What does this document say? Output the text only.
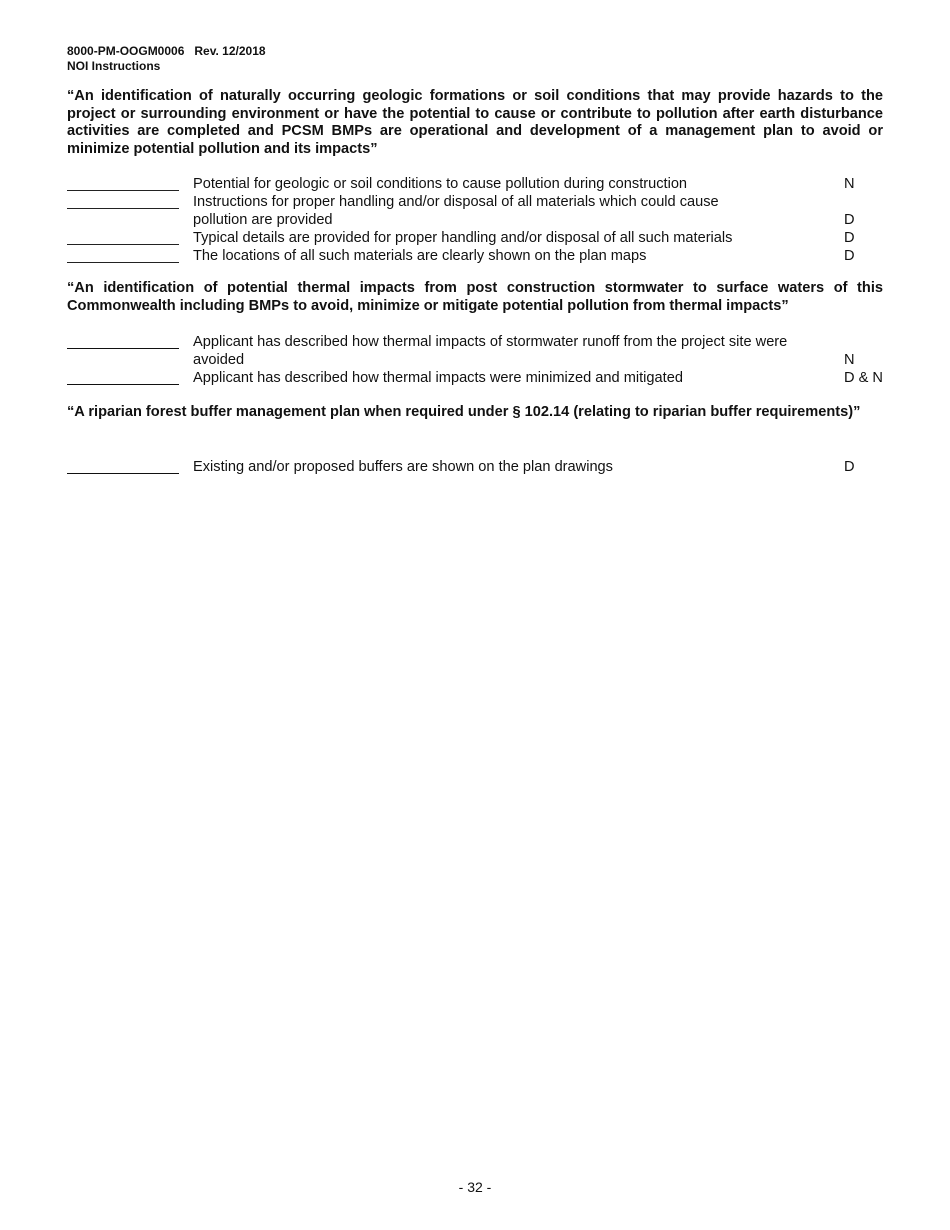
8000-PM-OOGM0006 Rev. 12/2018
NOI Instructions
“An identification of naturally occurring geologic formations or soil conditions that may provide hazards to the project or surrounding environment or have the potential to cause or contribute to pollution after earth disturbance activities are completed and PCSM BMPs are operational and development of a management plan to avoid or minimize potential pollution and its impacts”
Potential for geologic or soil conditions to cause pollution during construction	N
Instructions for proper handling and/or disposal of all materials which could cause
pollution are provided	D
Typical details are provided for proper handling and/or disposal of all such materials	D
The locations of all such materials are clearly shown on the plan maps	D
“An identification of potential thermal impacts from post construction stormwater to surface waters of this Commonwealth including BMPs to avoid, minimize or mitigate potential pollution from thermal impacts”
Applicant has described how thermal impacts of stormwater runoff from the project site were
avoided	N
Applicant has described how thermal impacts were minimized and mitigated	D & N
“A riparian forest buffer management plan when required under § 102.14 (relating to riparian buffer requirements)”
Existing and/or proposed buffers are shown on the plan drawings	D
- 32 -
